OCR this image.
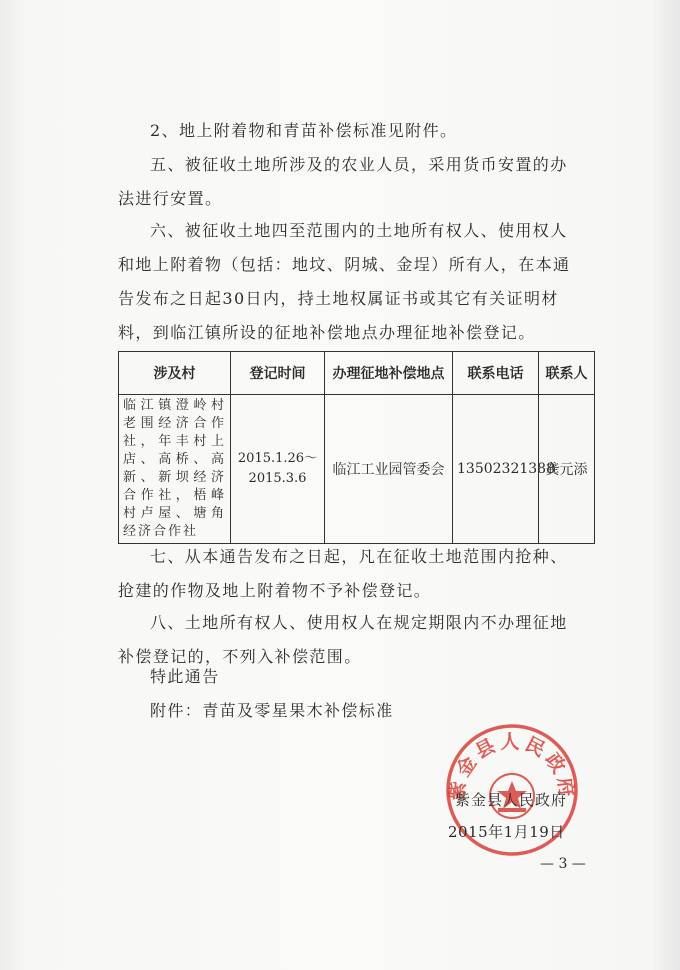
2、地上附着物和青苗补偿标准见附件。

五、被征收土地所涉及的农业人员，采用货币安置的办法进行安置。

六、被征收土地四至范围内的土地所有权人、使用权人和地上附着物（包括：地坟、阴城、金埕）所有人，在本通告发布之日起30日内，持土地权属证书或其它有关证明材料，到临江镇所设的征地补偿地点办理征地补偿登记。

涉及村	登记时间	办理征地补偿地点	联系电话	联系人
临江镇澄岭村老围经济合作社，年丰村上店、高桥、高新、新坝经济合作社，梧峰村卢屋、塘角经济合作社	2015.1.26～2015.3.6	临江工业园管委会	13502321388	龚元添

七、从本通告发布之日起，凡在征收土地范围内抢种、抢建的作物及地上附着物不予补偿登记。

八、土地所有权人、使用权人在规定期限内不办理征地补偿登记的，不列入补偿范围。

特此通告

附件：青苗及零星果木补偿标准

紫金县人民政府
紫金县人民政府
2015年1月19日
— 3 —
